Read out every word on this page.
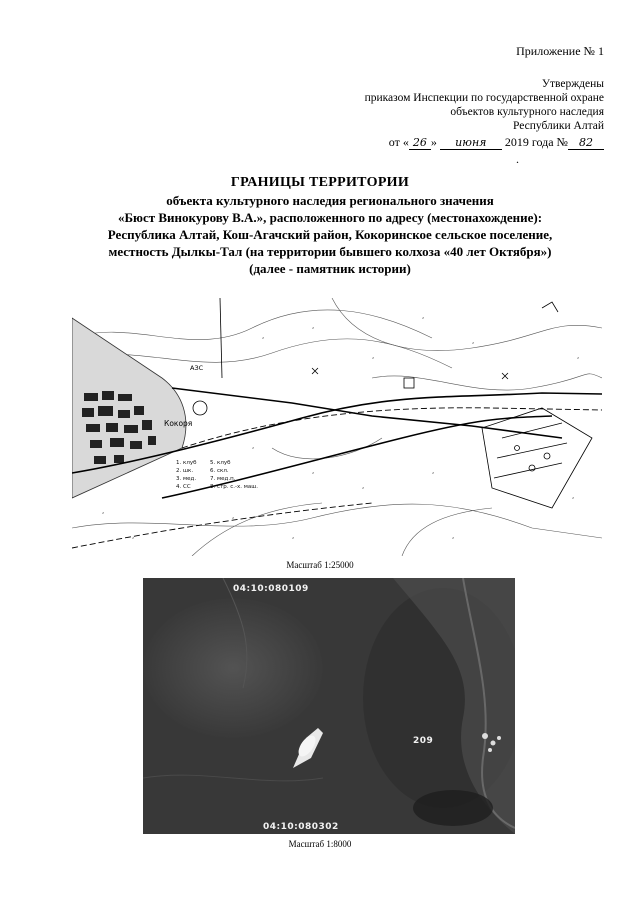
Приложение № 1
Утверждены
приказом Инспекции по государственной охране
объектов культурного наследия
Республики Алтай
от « 26 » июня 2019 года № 82
.
ГРАНИЦЫ ТЕРРИТОРИИ
объекта культурного наследия регионального значения
«Бюст Винокурову В.А.», расположенного по адресу (местонахождение):
Республика Алтай, Кош-Агачский район, Кокоринское сельское поселение,
местность Дылкы-Тал (на территории бывшего колхоза «40 лет Октября»)
(далее - памятник истории)
,
,
,
,
,
,
,
,
,
,
,	,
,
,
,
,
Кокоря
АЗС
1. клуб
2. шк.
3. мед.
4. СС
5. клуб
6. скл.
7. мед.п.
8. стр. с.-х. маш.
Масштаб 1:25000
04:10:080109
209
04:10:080302
Масштаб 1:8000
